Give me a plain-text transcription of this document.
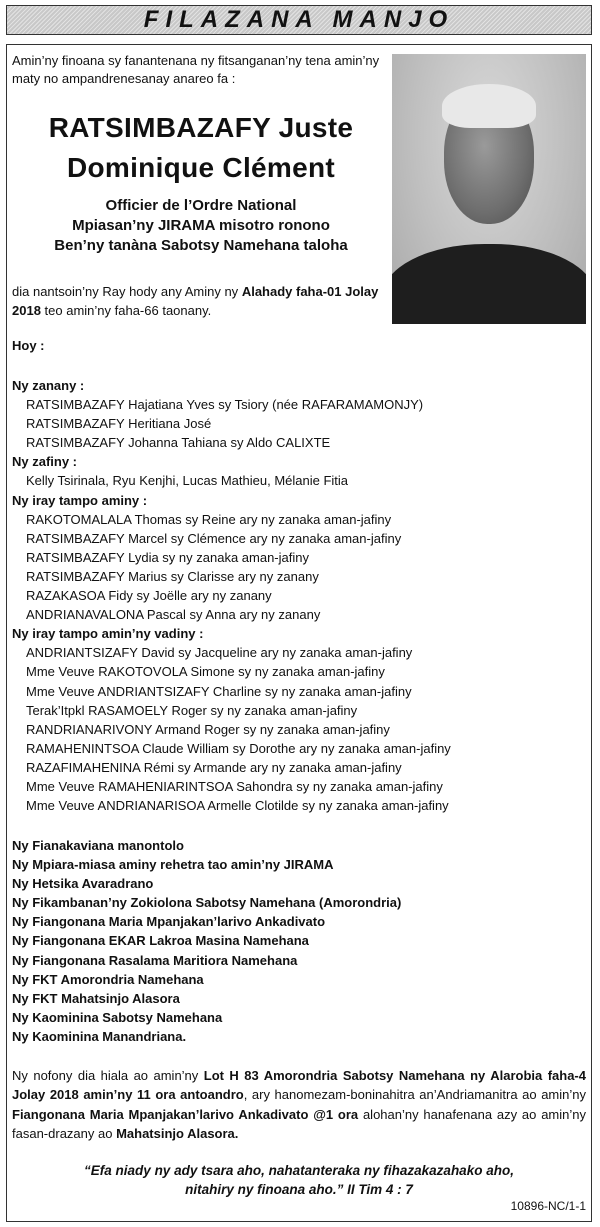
FILAZANA MANJO
Amin’ny finoana sy fanantenana ny fitsanganan’ny tena amin’ny maty no ampandrenesanay anareo fa :
RATSIMBAZAFY Juste
Dominique Clément
Officier de l’Ordre National
Mpiasan’ny JIRAMA misotro ronono
Ben’ny tanàna Sabotsy Namehana taloha
dia nantsoin’ny Ray hody any Aminy ny Alahady faha-01 Jolay 2018 teo amin’ny faha-66 taonany.
Hoy :
Ny zanany :
RATSIMBAZAFY Hajatiana Yves sy Tsiory (née RAFARAMAMONJY)
RATSIMBAZAFY Heritiana José
RATSIMBAZAFY Johanna Tahiana sy Aldo CALIXTE
Ny zafiny :
Kelly Tsirinala, Ryu Kenjhi, Lucas Mathieu, Mélanie Fitia
Ny iray tampo aminy :
RAKOTOMALALA Thomas sy Reine ary ny zanaka aman-jafiny
RATSIMBAZAFY Marcel sy Clémence ary ny zanaka aman-jafiny
RATSIMBAZAFY Lydia sy ny zanaka aman-jafiny
RATSIMBAZAFY Marius sy Clarisse ary ny zanany
RAZAKASOA Fidy sy Joëlle ary ny zanany
ANDRIANAVALONA Pascal sy Anna ary ny zanany
Ny iray tampo amin’ny vadiny :
ANDRIANTSIZAFY David sy Jacqueline ary ny zanaka aman-jafiny
Mme Veuve RAKOTOVOLA Simone sy ny zanaka aman-jafiny
Mme Veuve ANDRIANTSIZAFY Charline sy ny zanaka aman-jafiny
Terak’Itpkl RASAMOELY Roger sy ny zanaka aman-jafiny
RANDRIANARIVONY Armand Roger sy ny zanaka aman-jafiny
RAMAHENINTSOA Claude William sy Dorothe ary ny zanaka aman-jafiny
RAZAFIMAHENINA Rémi sy Armande ary ny zanaka aman-jafiny
Mme Veuve RAMAHENIARINTSOA Sahondra sy ny zanaka aman-jafiny
Mme Veuve ANDRIANARISOA Armelle Clotilde sy ny zanaka aman-jafiny
Ny Fianakaviana manontolo
Ny Mpiara-miasa aminy rehetra tao amin’ny JIRAMA
Ny Hetsika Avaradrano
Ny Fikambanan’ny Zokiolona Sabotsy Namehana (Amorondria)
Ny Fiangonana Maria Mpanjakan’larivo Ankadivato
Ny Fiangonana EKAR Lakroa Masina Namehana
Ny Fiangonana Rasalama Maritiora Namehana
Ny FKT Amorondria Namehana
Ny FKT Mahatsinjo Alasora
Ny Kaominina Sabotsy Namehana
Ny Kaominina Manandriana.
Ny nofony dia hiala ao amin’ny Lot H 83 Amorondria Sabotsy Namehana ny Alarobia faha-4 Jolay 2018 amin’ny 11 ora antoandro, ary hanomezam-boninahitra an’Andriamanitra ao amin’ny Fiangonana Maria Mpanjakan’larivo Ankadivato @1 ora alohan’ny hanafenana azy ao amin’ny fasan-drazany ao Mahatsinjo Alasora.
“Efa niady ny ady tsara aho, nahatanteraka ny fihazakazahako aho,
nitahiry ny finoana aho.” II Tim 4 : 7
10896-NC/1-1
